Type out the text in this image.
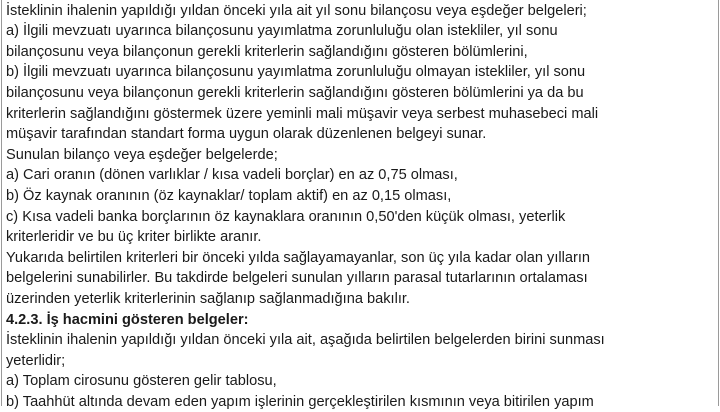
İsteklinin ihalenin yapıldığı yıldan önceki yıla ait yıl sonu bilançosu veya eşdeğer belgeleri;
a) İlgili mevzuatı uyarınca bilançosunu yayımlatma zorunluluğu olan istekliler, yıl sonu
bilançosunu veya bilançonun gerekli kriterlerin sağlandığını gösteren bölümlerini,
b) İlgili mevzuatı uyarınca bilançosunu yayımlatma zorunluluğu olmayan istekliler, yıl sonu
bilançosunu veya bilançonun gerekli kriterlerin sağlandığını gösteren bölümlerini ya da bu
kriterlerin sağlandığını göstermek üzere yeminli mali müşavir veya serbest muhasebeci mali
müşavir tarafından standart forma uygun olarak düzenlenen belgeyi sunar.
Sunulan bilanço veya eşdeğer belgelerde;
a) Cari oranın (dönen varlıklar / kısa vadeli borçlar) en az 0,75 olması,
b) Öz kaynak oranının (öz kaynaklar/ toplam aktif) en az 0,15 olması,
c) Kısa vadeli banka borçlarının öz kaynaklara oranının 0,50'den küçük olması, yeterlik
kriterleridir ve bu üç kriter birlikte aranır.
Yukarıda belirtilen kriterleri bir önceki yılda sağlayamayanlar, son üç yıla kadar olan yılların
belgelerini sunabilirler. Bu takdirde belgeleri sunulan yılların parasal tutarlarının ortalaması
üzerinden yeterlik kriterlerinin sağlanıp sağlanmadığına bakılır.
4.2.3. İş hacmini gösteren belgeler:
İsteklinin ihalenin yapıldığı yıldan önceki yıla ait, aşağıda belirtilen belgelerden birini sunması
yeterlidir;
a) Toplam cirosunu gösteren gelir tablosu,
b) Taahhüt altında devam eden yapım işlerinin gerçekleştirilen kısmının veya bitirilen yapım
